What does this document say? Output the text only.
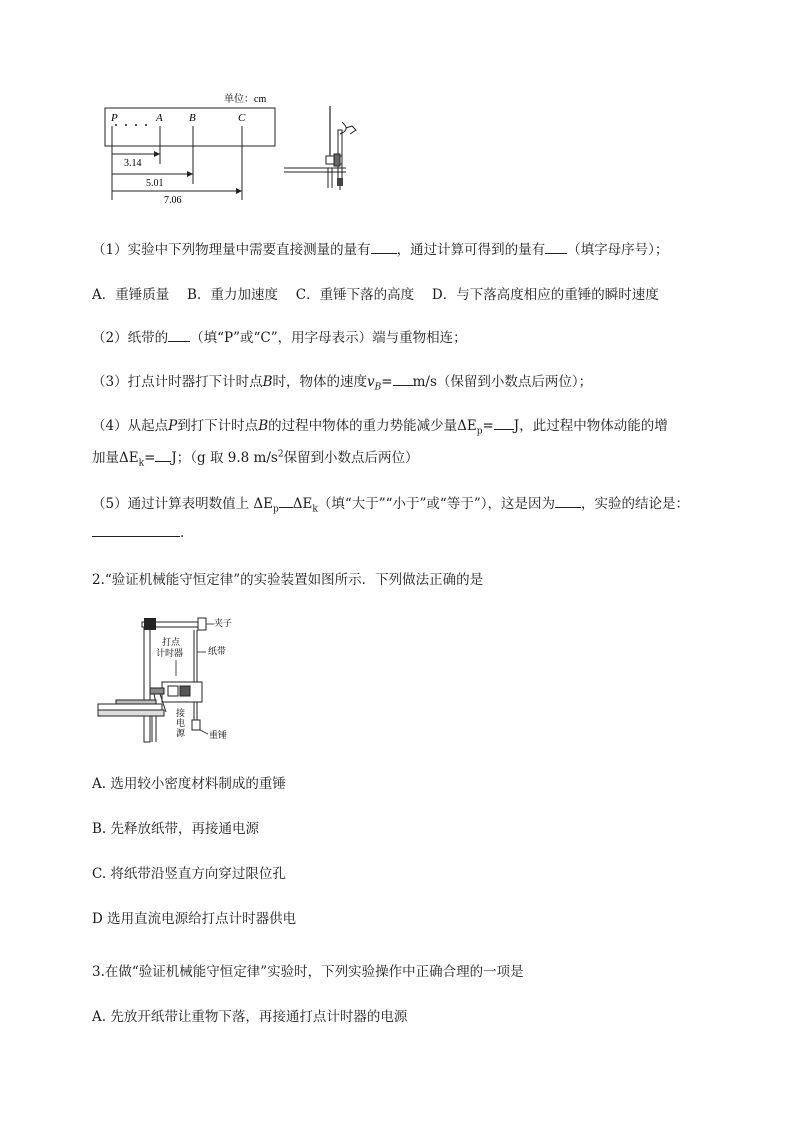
单位：cm
P	A B	C
3.14
5.01
7.06
（1）实验中下列物理量中需要直接测量的量有 ，通过计算可得到的量有 （填字母序号）；
A．重锤质量　 B．重力加速度　 C．重锤下落的高度　 D．与下落高度相应的重锤的瞬时速度
（2）纸带的 （填“P”或“C”，用字母表示）端与重物相连；
（3）打点计时器打下计时点B时，物体的速度$v_B= m/s$（保留到小数点后两位）；
（4）从起点P到打下计时点B的过程中物体的重力势能减少量$\Delta E_p= J$，此过程中物体动能的增
加量$\Delta E_k= J$；（g 取 9.8 $m/s^2$保留到小数点后两位）
（5）通过计算表明数值上 $\Delta E_p$ $\Delta E_k$（填“大于”“小于”或“等于”），这是因为 ，实验的结论是：
.
2.“验证机械能守恒定律”的实验装置如图所示．下列做法正确的是
夹子
纸带
打点
计时器
接
电
源	重锤
A. 选用较小密度材料制成的重锤
B. 先释放纸带，再接通电源
C. 将纸带沿竖直方向穿过限位孔
D 选用直流电源给打点计时器供电
3.在做“验证机械能守恒定律”实验时，下列实验操作中正确合理的一项是
A. 先放开纸带让重物下落，再接通打点计时器的电源
